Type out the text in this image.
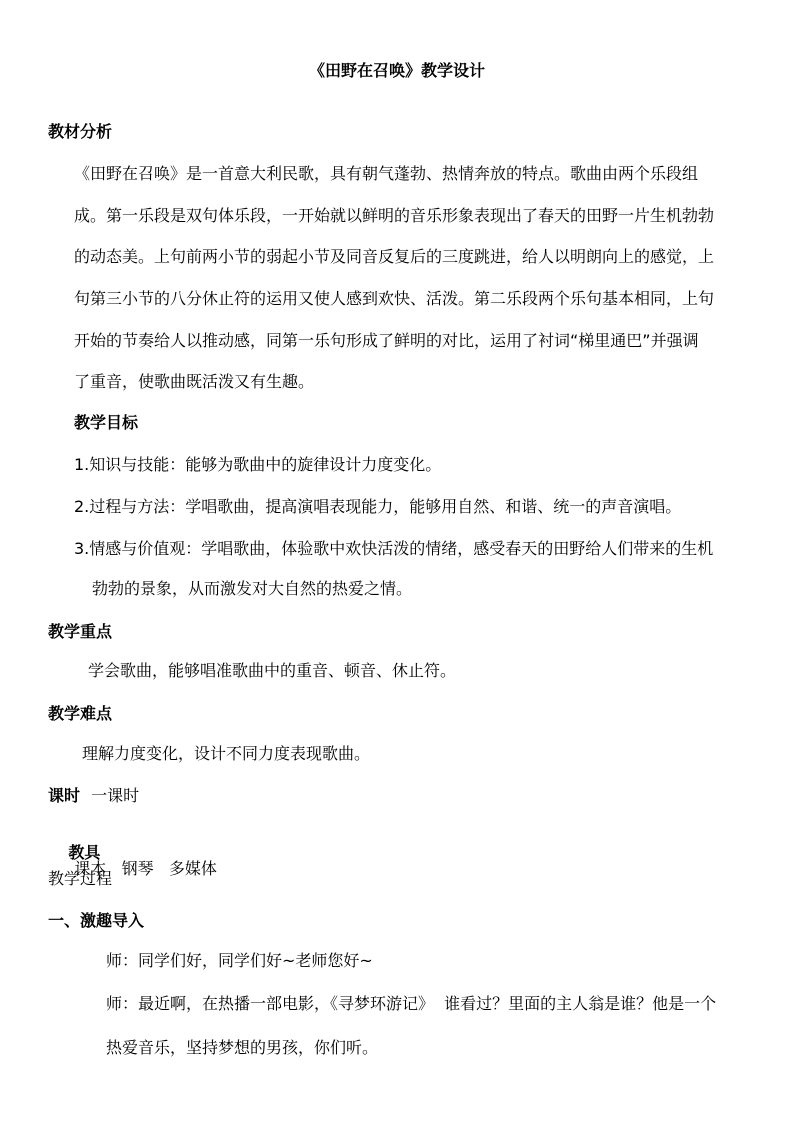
《田野在召唤》教学设计
教材分析
《田野在召唤》是一首意大利民歌，具有朝气蓬勃、热情奔放的特点。歌曲由两个乐段组
成。第一乐段是双句体乐段，一开始就以鲜明的音乐形象表现出了春天的田野一片生机勃勃
的动态美。上句前两小节的弱起小节及同音反复后的三度跳进，给人以明朗向上的感觉，上
句第三小节的八分休止符的运用又使人感到欢快、活泼。第二乐段两个乐句基本相同，上句
开始的节奏给人以推动感，同第一乐句形成了鲜明的对比，运用了衬词“梯里通巴”并强调
了重音，使歌曲既活泼又有生趣。
教学目标
1.知识与技能：能够为歌曲中的旋律设计力度变化。
2.过程与方法：学唱歌曲，提高演唱表现能力，能够用自然、和谐、统一的声音演唱。
3.情感与价值观：学唱歌曲，体验歌中欢快活泼的情绪，感受春天的田野给人们带来的生机
勃勃的景象，从而激发对大自然的热爱之情。
教学重点
学会歌曲，能够唱准歌曲中的重音、顿音、休止符。
教学难点
理解力度变化，设计不同力度表现歌曲。
课时 一课时

教具
课本   钢琴   多媒体

教学过程
一、激趣导入
师：同学们好，同学们好~老师您好~
师：最近啊，在热播一部电影，《寻梦环游记》  谁看过？里面的主人翁是谁？他是一个
热爱音乐，坚持梦想的男孩，你们听。
